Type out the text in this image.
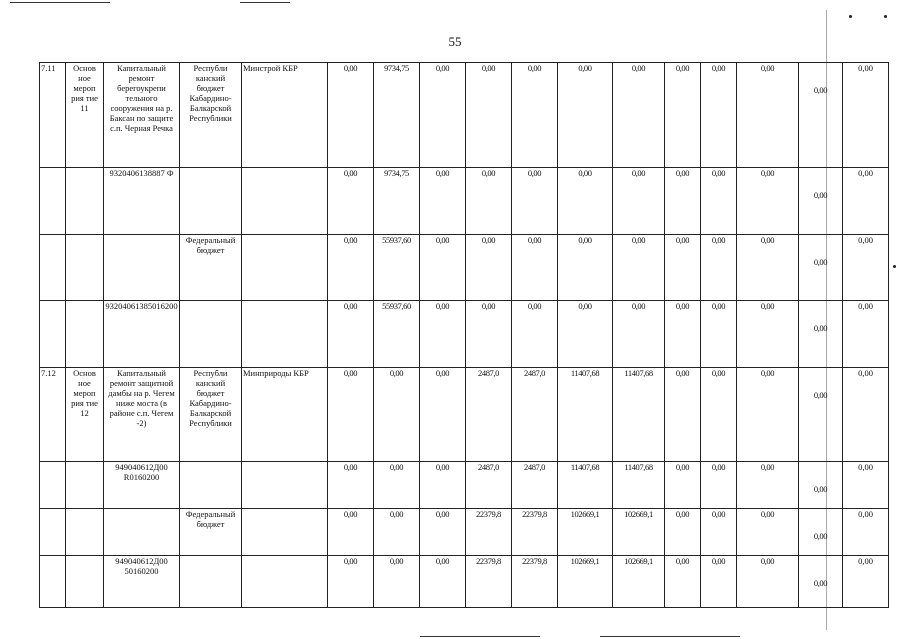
55
7.11	Основ ное мероп рия тие 11	Капитальный ремонт берегоукрепи тельного сооружения на р. Баксан по защите с.п. Черная Речка	Республи канский бюджет Кабардино- Балкарской Республики	Минстрой КБР	0,00	9734,75	0,00	0,00	0,00	0,00	0,00	0,00	0,00	0,00	0,00	0,00
		9320406138887 Ф			0,00	9734,75	0,00	0,00	0,00	0,00	0,00	0,00	0,00	0,00	0,00	0,00
			Федеральный бюджет		0,00	55937,60	0,00	0,00	0,00	0,00	0,00	0,00	0,00	0,00	0,00	0,00
		93204061385016200			0,00	55937,60	0,00	0,00	0,00	0,00	0,00	0,00	0,00	0,00	0,00	0,00
7.12	Основ ное мероп рия тие 12	Капитальный ремонт защитной дамбы на р. Чегем ниже моста (в районе с.п. Чегем -2)	Республи канский бюджет Кабардино- Балкарской Республики	Минприроды КБР	0,00	0,00	0,00	2487,0	2487,0	11407,68	11407,68	0,00	0,00	0,00	0,00	0,00
		949040612Д00 R0160200			0,00	0,00	0,00	2487,0	2487,0	11407,68	11407,68	0,00	0,00	0,00	0,00	0,00
			Федеральный бюджет		0,00	0,00	0,00	22379,8	22379,8	102669,1	102669,1	0,00	0,00	0,00	0,00	0,00
		949040612Д00 50160200			0,00	0,00	0,00	22379,8	22379,8	102669,1	102669,1	0,00	0,00	0,00	0,00	0,00
